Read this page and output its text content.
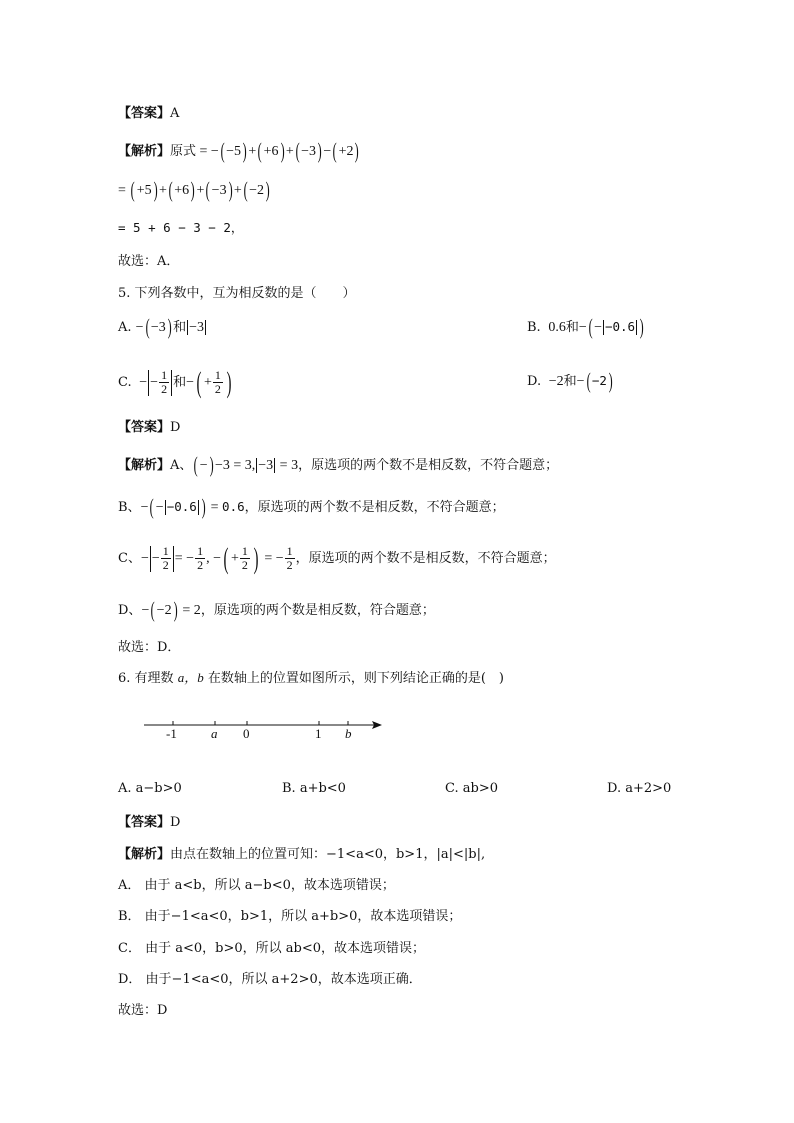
【答案】A
【解析】原式 = −( −5) +( +6) +( −3) −( +2)
= ( +5) +( +6) +( −3) +( −2)
= 5 + 6 − 3 − 2，
故选：A．
5. 下列各数中，互为相反数的是（　　）
A. −( −3) 和 −3	B.  0.6和−( − −0.6 )
C.  − − $\frac{1}{2}$ 和−( + $\frac{1}{2}$ )	D.  −2和−( −2)
【答案】D
【解析】A、( −) −3 = 3, −3 = 3，原选项的两个数不是相反数，不符合题意；
B、−( − −0.6 ) = 0.6，原选项的两个数不是相反数，不符合题意；
C、− − $\frac{1}{2}$ = − $\frac{1}{2}$ , −( + $\frac{1}{2}$ ) = − $\frac{1}{2}$ ，原选项的两个数不是相反数，不符合题意；
D、−( −2) = 2，原选项的两个数是相反数，符合题意；
故选：D．
6. 有理数 a，b 在数轴上的位置如图所示，则下列结论正确的是(　)
-1	a 0	1 b
A. a−b>0	B. a+b<0	C. ab>0	D. a+2>0
【答案】D
【解析】由点在数轴上的位置可知：−1<a<0，b>1，|a|<|b|,
A． 由于 a<b，所以 a−b<0，故本选项错误；
B． 由于−1<a<0，b>1，所以 a+b>0，故本选项错误；
C． 由于 a<0，b>0，所以 ab<0，故本选项错误；
D． 由于−1<a<0，所以 a+2>0，故本选项正确．
故选：D
